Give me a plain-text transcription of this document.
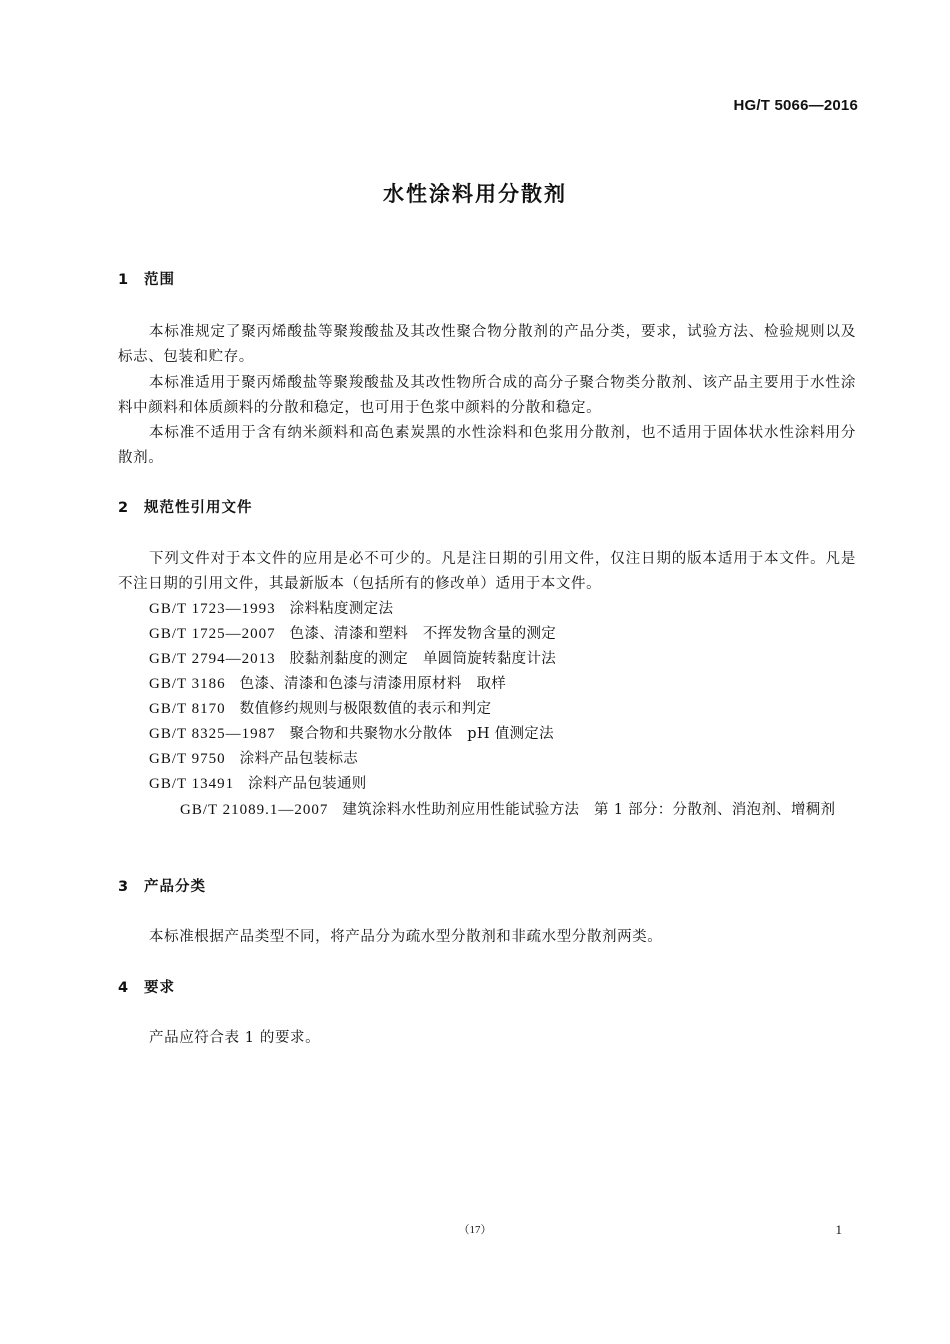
HG/T 5066—2016
水性涂料用分散剂
1 范围
本标准规定了聚丙烯酸盐等聚羧酸盐及其改性聚合物分散剂的产品分类，要求，试验方法、检验规则以及标志、包装和贮存。
本标准适用于聚丙烯酸盐等聚羧酸盐及其改性物所合成的高分子聚合物类分散剂、该产品主要用于水性涂料中颜料和体质颜料的分散和稳定，也可用于色浆中颜料的分散和稳定。
本标准不适用于含有纳米颜料和高色素炭黑的水性涂料和色浆用分散剂，也不适用于固体状水性涂料用分散剂。
2 规范性引用文件
下列文件对于本文件的应用是必不可少的。凡是注日期的引用文件，仅注日期的版本适用于本文件。凡是不注日期的引用文件，其最新版本（包括所有的修改单）适用于本文件。
GB/T 1723—1993 涂料粘度测定法
GB/T 1725—2007 色漆、清漆和塑料　不挥发物含量的测定
GB/T 2794—2013 胶黏剂黏度的测定　单圆筒旋转黏度计法
GB/T 3186 色漆、清漆和色漆与清漆用原材料　取样
GB/T 8170 数值修约规则与极限数值的表示和判定
GB/T 8325—1987 聚合物和共聚物水分散体　pH 值测定法
GB/T 9750 涂料产品包装标志
GB/T 13491 涂料产品包装通则
GB/T 21089.1—2007 建筑涂料水性助剂应用性能试验方法　第 1 部分：分散剂、消泡剂、增稠剂
3 产品分类
本标准根据产品类型不同，将产品分为疏水型分散剂和非疏水型分散剂两类。
4 要求
产品应符合表 1 的要求。
（17）	1
